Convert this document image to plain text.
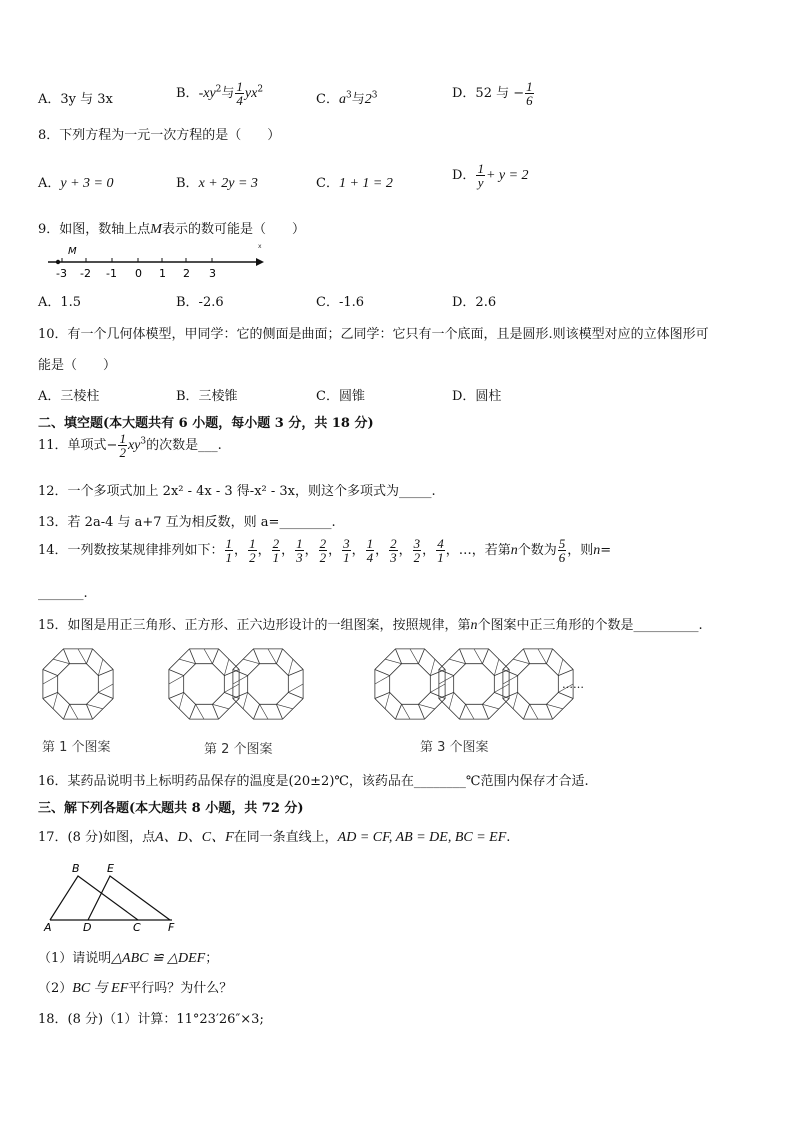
A．3y 与 3x	B．$-xy^2$与 $\frac{1}{4} yx^2$
C．$a^3$与$2^3$	D．52 与 − $\frac{1}{6}$
8．下列方程为一元一次方程的是（　　）
A．y + 3 = 0	B．x + 2y = 3	C．1 + 1 = 2
D． $\frac{1}{y} + y = 2$
9．如图，数轴上点M表示的数可能是（　　）
x
M
-3 -2 -1 0 1 2 3
A．1.5	B．-2.6	C．-1.6	D．2.6
10．有一个几何体模型，甲同学：它的侧面是曲面；乙同学：它只有一个底面，且是圆形.则该模型对应的立体图形可
能是（　　）
A．三棱柱	B．三棱锥	C．圆锥	D．圆柱
二、填空题(本大题共有 6 小题，每小题 3 分，共 18 分)
11．单项式− $\frac{1}{2} xy^3$的次数是___.
12．一个多项式加上 2x² - 4x - 3 得-x² - 3x，则这个多项式为_____.
13．若 2a-4 与 a+7 互为相反数，则 a=________.
14．一列数按某规律排列如下： $\frac{1}{1}$ ， $\frac{1}{2}$ ， $\frac{2}{1}$ ， $\frac{1}{3}$ ， $\frac{2}{2}$ ， $\frac{3}{1}$ ， $\frac{1}{4}$ ， $\frac{2}{3}$ ， $\frac{3}{2}$ ， $\frac{4}{1}$ ，…，若第n个数为 $\frac{5}{6}$ ，则n=
_______.
15．如图是用正三角形、正方形、正六边形设计的一组图案，按照规律，第n个图案中正三角形的个数是__________.
……
第 1 个图案	第 2 个图案	第 3 个图案
16．某药品说明书上标明药品保存的温度是(20±2)℃，该药品在________℃范围内保存才合适.
三、解下列各题(本大题共 8 小题，共 72 分)
17．(8 分)如图，点A、D、C、F在同一条直线上，AD = CF, AB = DE, BC = EF.
B E
A	D	C F
（1）请说明△ABC ≌ △DEF；
（2）BC 与 EF平行吗？为什么？
18．(8 分)（1）计算：11°23′26″×3;
